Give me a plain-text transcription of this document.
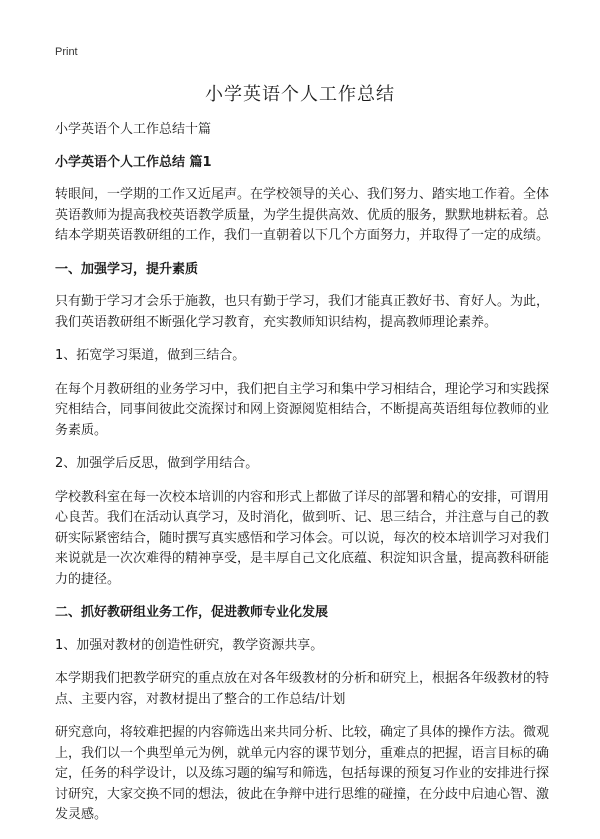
Print
小学英语个人工作总结

小学英语个人工作总结十篇

小学英语个人工作总结 篇1

转眼间，一学期的工作又近尾声。在学校领导的关心、我们努力、踏实地工作着。全体英语教师为提高我校英语教学质量，为学生提供高效、优质的服务，默默地耕耘着。总结本学期英语教研组的工作，我们一直朝着以下几个方面努力，并取得了一定的成绩。

一、加强学习，提升素质

只有勤于学习才会乐于施教，也只有勤于学习，我们才能真正教好书、育好人。为此，我们英语教研组不断强化学习教育，充实教师知识结构，提高教师理论素养。

1、拓宽学习渠道，做到三结合。

在每个月教研组的业务学习中，我们把自主学习和集中学习相结合，理论学习和实践探究相结合，同事间彼此交流探讨和网上资源阅览相结合，不断提高英语组每位教师的业务素质。

2、加强学后反思，做到学用结合。

学校教科室在每一次校本培训的内容和形式上都做了详尽的部署和精心的安排，可谓用心良苦。我们在活动认真学习，及时消化，做到听、记、思三结合，并注意与自己的教研实际紧密结合，随时撰写真实感悟和学习体会。可以说，每次的校本培训学习对我们来说就是一次次难得的精神享受，是丰厚自己文化底蕴、积淀知识含量，提高教科研能力的捷径。

二、抓好教研组业务工作，促进教师专业化发展

1、加强对教材的创造性研究，教学资源共享。

本学期我们把教学研究的重点放在对各年级教材的分析和研究上，根据各年级教材的特点、主要内容，对教材提出了整合的工作总结/计划

研究意向，将较难把握的内容筛选出来共同分析、比较，确定了具体的操作方法。微观上，我们以一个典型单元为例，就单元内容的课节划分，重难点的把握，语言目标的确定，任务的科学设计，以及练习题的编写和筛选，包括每课的预复习作业的安排进行探讨研究，大家交换不同的想法，彼此在争辩中进行思维的碰撞，在分歧中启迪心智、激发灵感。
